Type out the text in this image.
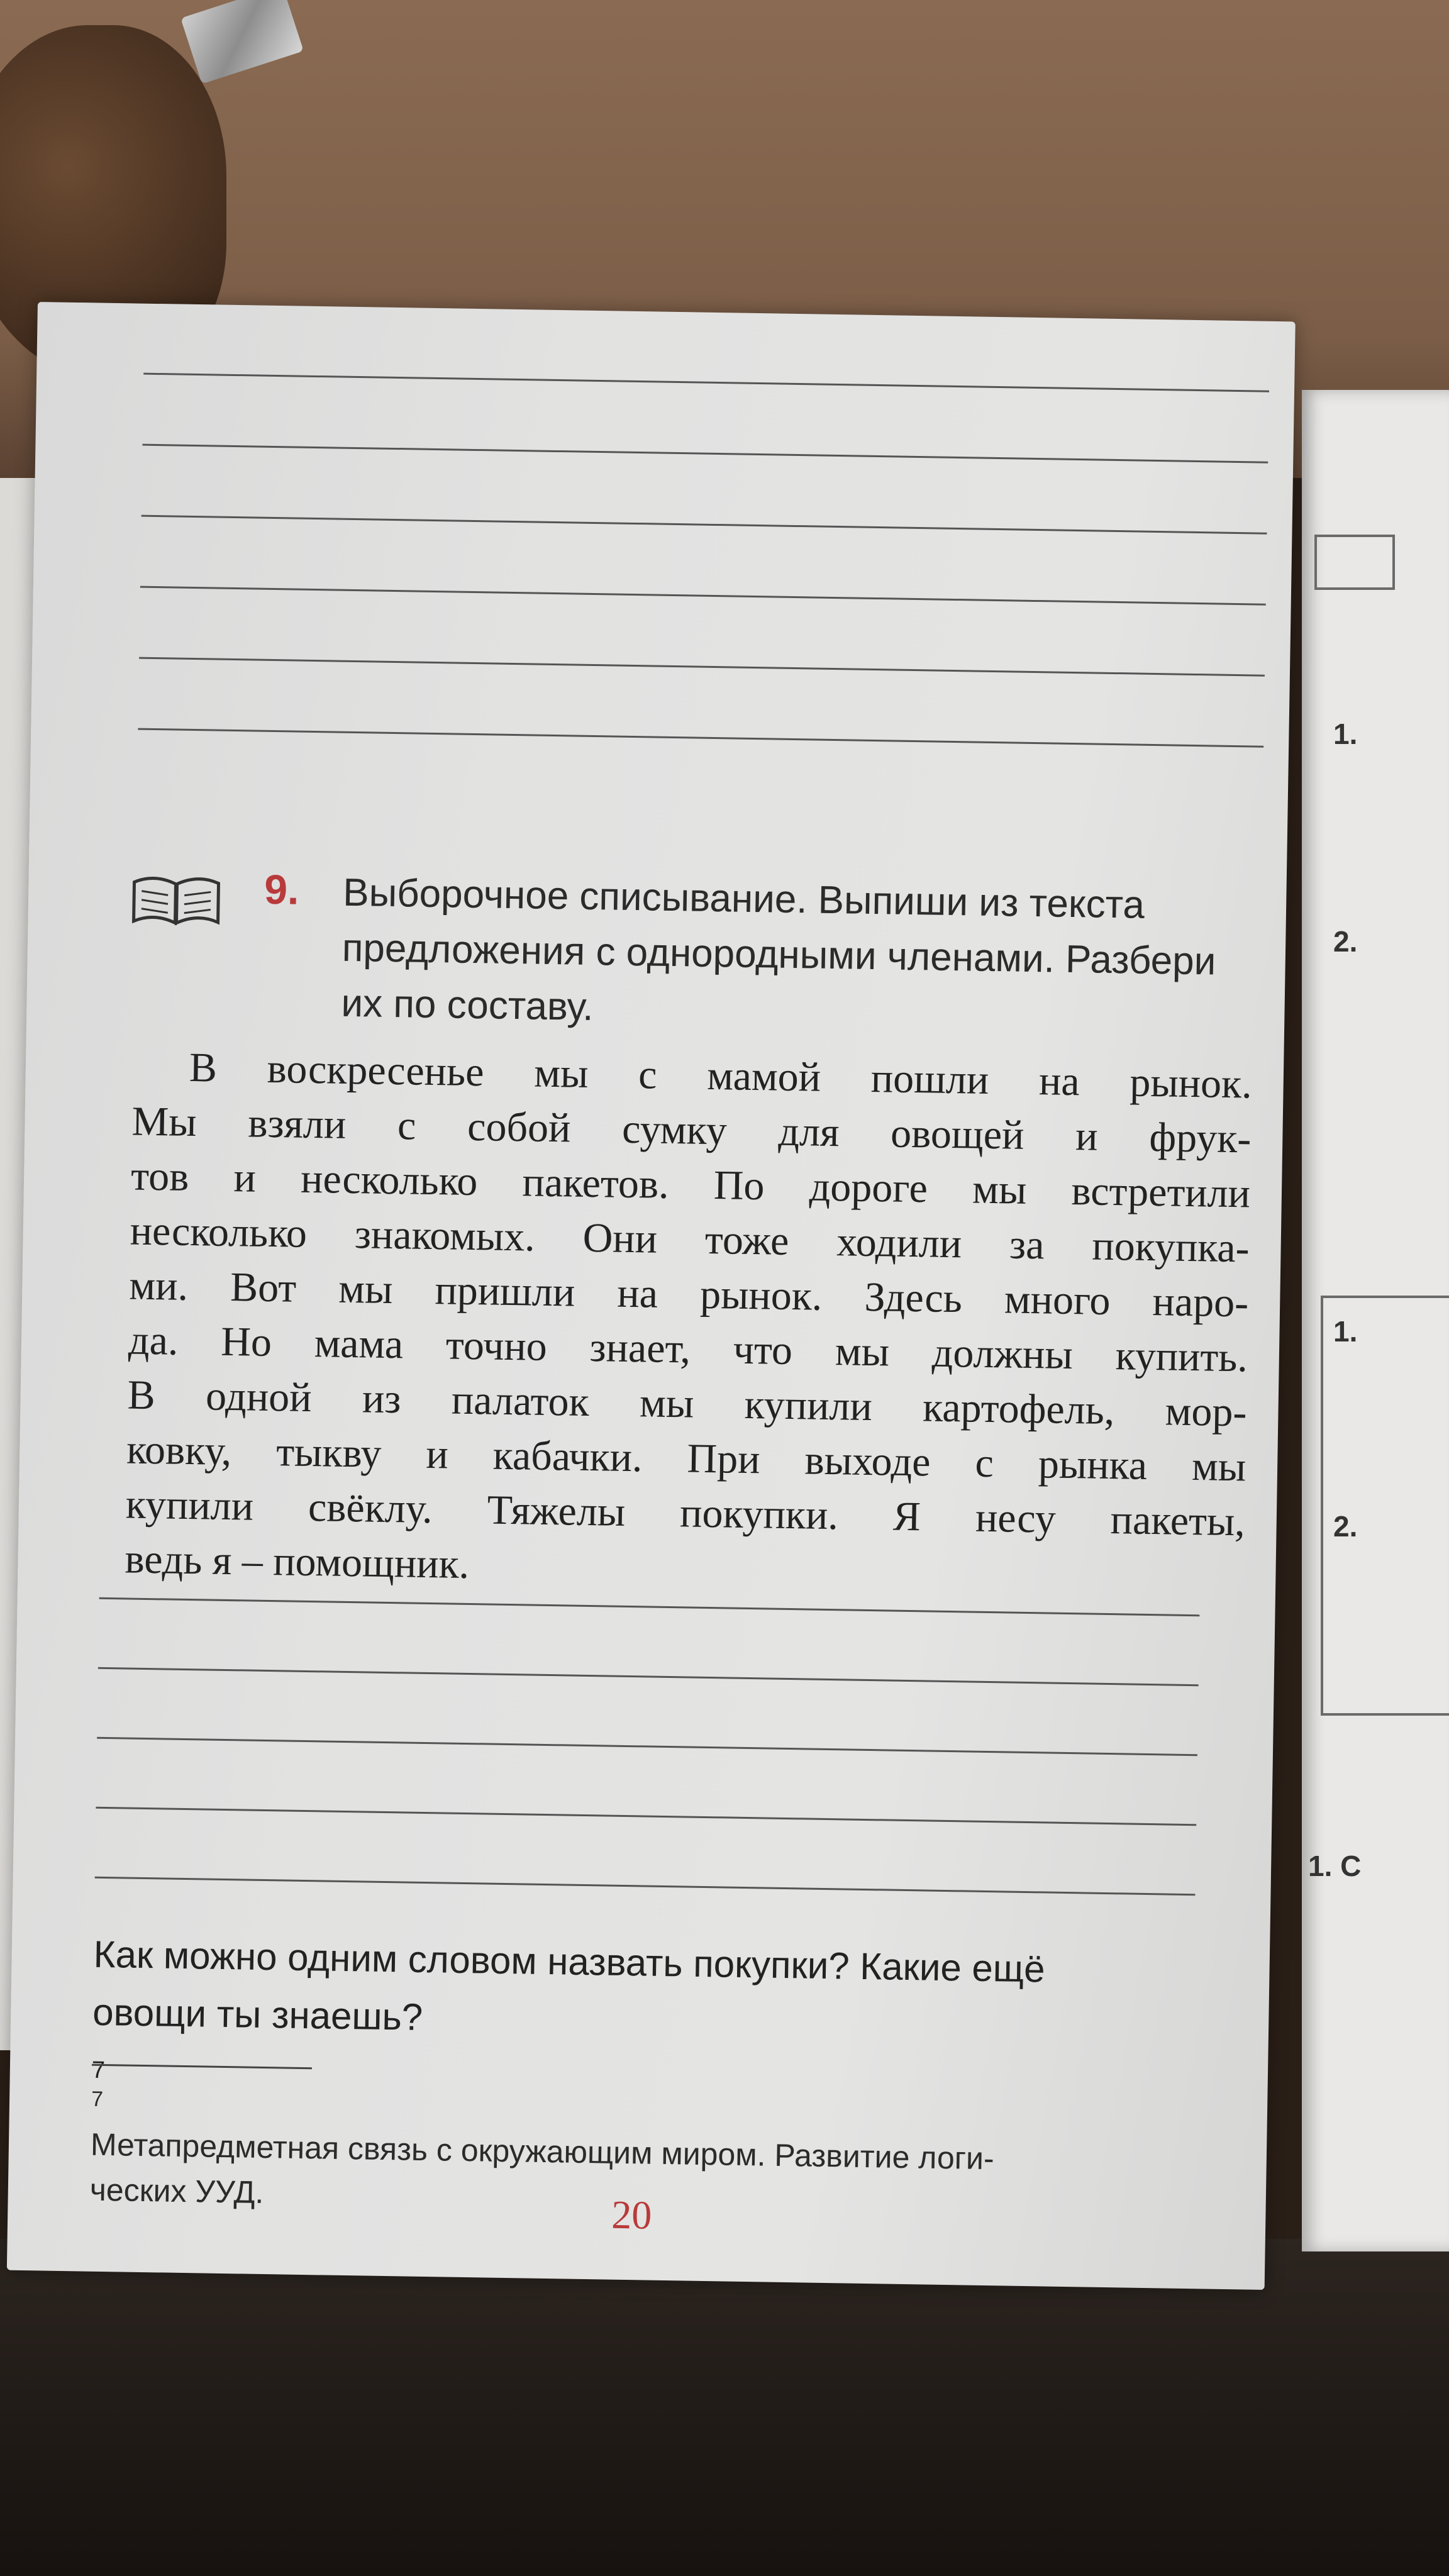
1.
2.
1.
2.
1. С
9. Выборочное списывание. Выпиши из текста
предложения с однородными членами. Разбери
их по составу.
В воскресенье мы с мамой пошли на рынок.
Мы взяли с собой сумку для овощей и фрук-
тов и несколько пакетов. По дороге мы встретили
несколько знакомых. Они тоже ходили за покупка-
ми. Вот мы пришли на рынок. Здесь много наро-
да. Но мама точно знает, что мы должны купить.
В одной из палаток мы купили картофель, мор-
ковку, тыкву и кабачки. При выходе с рынка мы
купили свёклу. Тяжелы покупки. Я несу пакеты,
ведь я – помощник.
Как можно одним словом назвать покупки? Какие ещё
овощи ты знаешь?
7
7
Метапредметная связь с окружающим миром. Развитие логи-
ческих УУД.
20
